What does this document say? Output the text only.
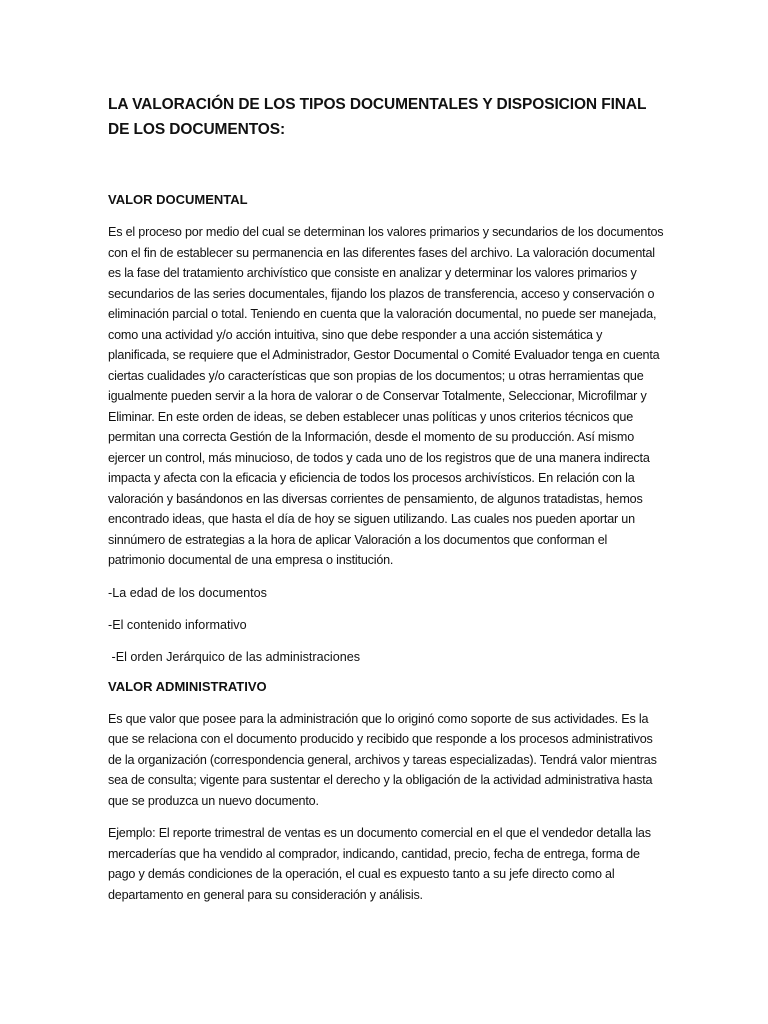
LA VALORACIÓN DE LOS TIPOS DOCUMENTALES Y DISPOSICION FINAL DE LOS DOCUMENTOS:
VALOR DOCUMENTAL

Es el proceso por medio del cual se determinan los valores primarios y secundarios de los documentos con el fin de establecer su permanencia en las diferentes fases del archivo. La valoración documental es la fase del tratamiento archivístico que consiste en analizar y determinar los valores primarios y secundarios de las series documentales, fijando los plazos de transferencia, acceso y conservación o eliminación parcial o total. Teniendo en cuenta que la valoración documental, no puede ser manejada, como una actividad y/o acción intuitiva, sino que debe responder a una acción sistemática y planificada, se requiere que el Administrador, Gestor Documental o Comité Evaluador tenga en cuenta ciertas cualidades y/o características que son propias de los documentos; u otras herramientas que igualmente pueden servir a la hora de valorar o de Conservar Totalmente, Seleccionar, Microfilmar y Eliminar. En este orden de ideas, se deben establecer unas políticas y unos criterios técnicos que permitan una correcta Gestión de la Información, desde el momento de su producción. Así mismo ejercer un control, más minucioso, de todos y cada uno de los registros que de una manera indirecta impacta y afecta con la eficacia y eficiencia de todos los procesos archivísticos. En relación con la valoración y basándonos en las diversas corrientes de pensamiento, de algunos tratadistas, hemos encontrado ideas, que hasta el día de hoy se siguen utilizando. Las cuales nos pueden aportar un sinnúmero de estrategias a la hora de aplicar Valoración a los documentos que conforman el patrimonio documental de una empresa o institución.

-La edad de los documentos

-El contenido informativo

-El orden Jerárquico de las administraciones

VALOR ADMINISTRATIVO

Es que valor que posee para la administración que lo originó como soporte de sus actividades. Es la que se relaciona con el documento producido y recibido que responde a los procesos administrativos de la organización (correspondencia general, archivos y tareas especializadas). Tendrá valor mientras sea de consulta; vigente para sustentar el derecho y la obligación de la actividad administrativa hasta que se produzca un nuevo documento.

Ejemplo: El reporte trimestral de ventas es un documento comercial en el que el vendedor detalla las mercaderías que ha vendido al comprador, indicando, cantidad, precio, fecha de entrega, forma de pago y demás condiciones de la operación, el cual es expuesto tanto a su jefe directo como al departamento en general para su consideración y análisis.
